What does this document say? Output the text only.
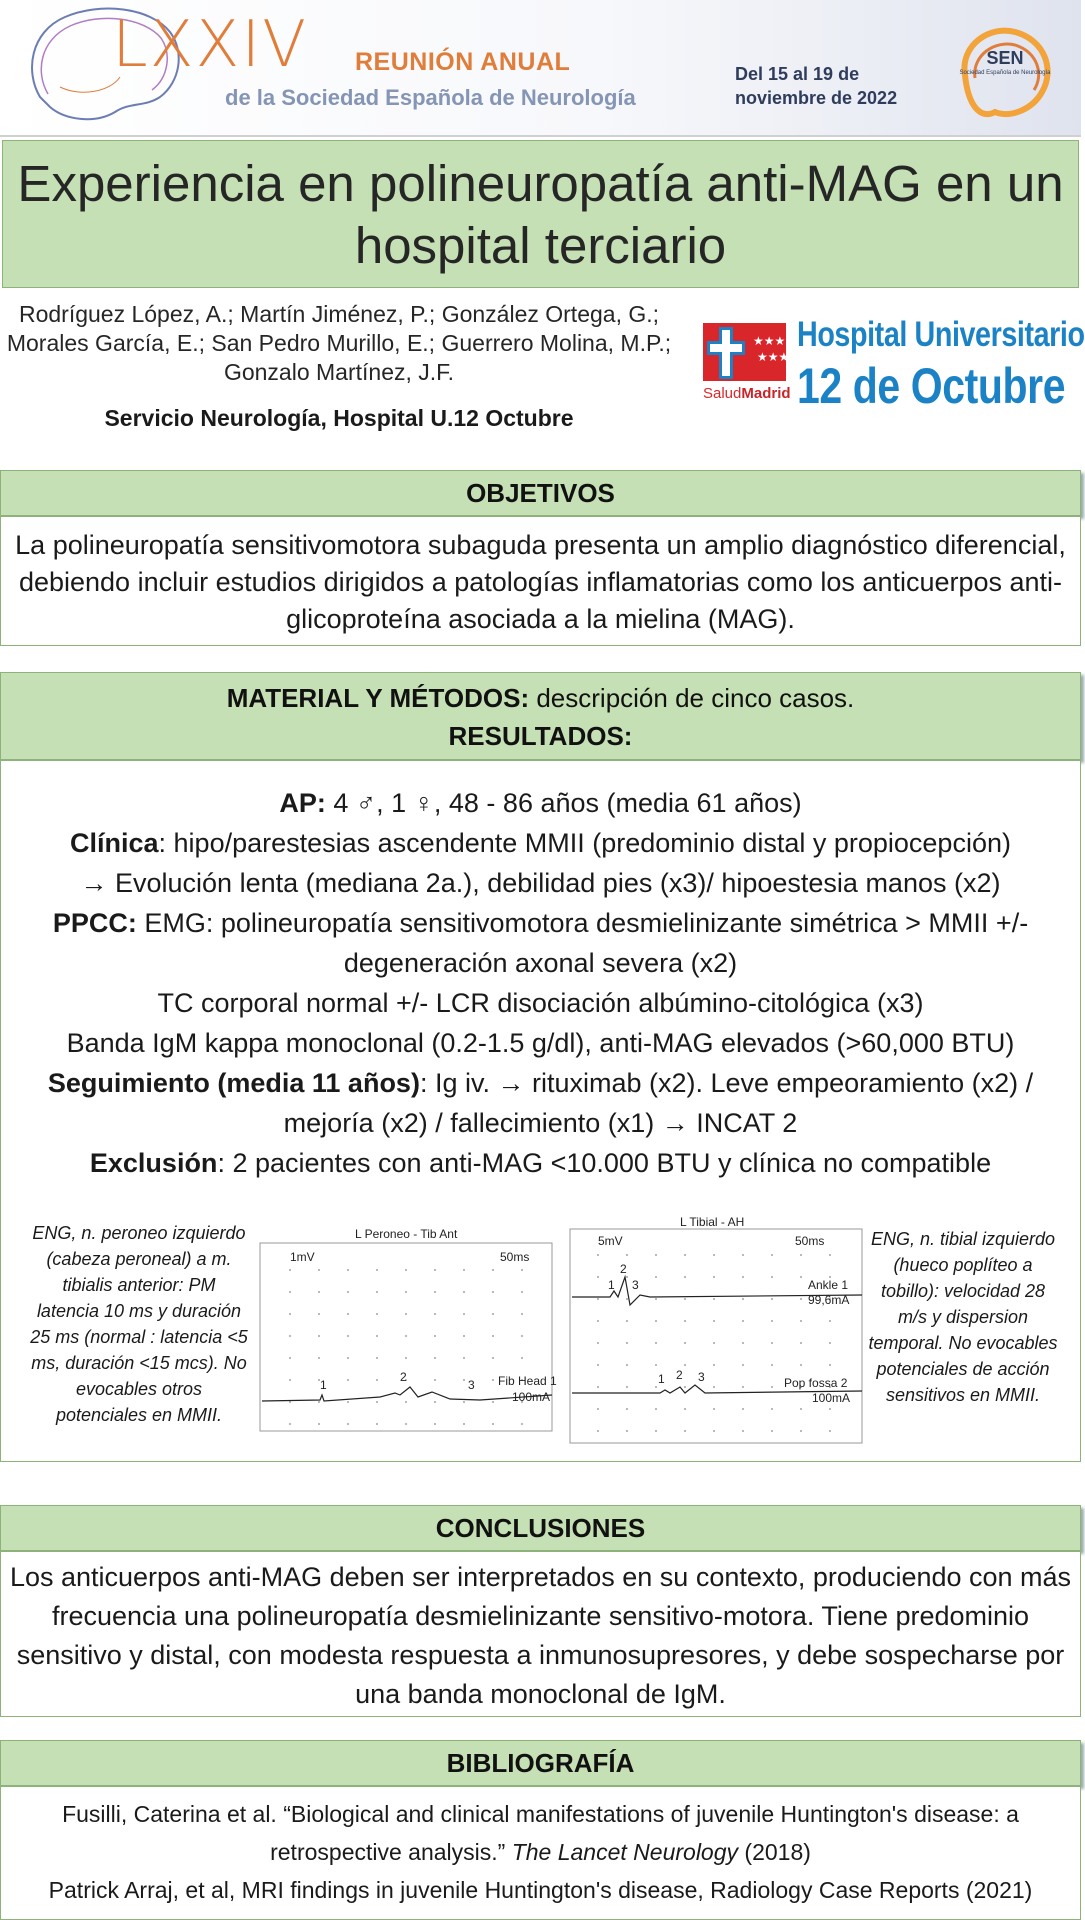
LXXIV REUNIÓN ANUAL
de la Sociedad Española de Neurología
Del 15 al 19 de
noviembre de 2022
SEN
Sociedad Española de Neurología
Experiencia en polineuropatía anti-MAG en un hospital terciario
Rodríguez López, A.; Martín Jiménez, P.; González Ortega, G.; Morales García, E.; San Pedro Murillo, E.; Guerrero Molina, M.P.; Gonzalo Martínez, J.F.
Servicio Neurología, Hospital U.12 Octubre
★★★★
★★★
SaludMadrid
Hospital Universitario
12 de Octubre
OBJETIVOS
La polineuropatía sensitivomotora subaguda presenta un amplio diagnóstico diferencial, debiendo incluir estudios dirigidos a patologías inflamatorias como los anticuerpos anti-glicoproteína asociada a la mielina (MAG).
MATERIAL Y MÉTODOS: descripción de cinco casos.
RESULTADOS:
AP: 4 ♂, 1 ♀, 48 - 86 años (media 61 años)
Clínica: hipo/parestesias ascendente MMII (predominio distal y propiocepción)
→ Evolución lenta (mediana 2a.), debilidad pies (x3)/ hipoestesia manos (x2)
PPCC: EMG: polineuropatía sensitivomotora desmielinizante simétrica > MMII +/- degeneración axonal severa (x2)
TC corporal normal +/- LCR disociación albúmino-citológica (x3)
Banda IgM kappa monoclonal (0.2-1.5 g/dl), anti-MAG elevados (>60,000 BTU)
Seguimiento (media 11 años): Ig iv. → rituximab (x2). Leve empeoramiento (x2) / mejoría (x2) / fallecimiento (x1) → INCAT 2
Exclusión: 2 pacientes con anti-MAG <10.000 BTU y clínica no compatible
ENG, n. peroneo izquierdo (cabeza peroneal) a m. tibialis anterior: PM latencia 10 ms y duración 25 ms (normal : latencia <5 ms, duración <15 mcs). No evocables otros potenciales en MMII.
ENG, n. tibial izquierdo (hueco poplíteo a tobillo): velocidad 28 m/s y dispersion temporal. No evocables potenciales de acción sensitivos en MMII.
L Peroneo - Tib Ant
1mV	50ms
1
2
3 Fib Head 1
100mA
L Tibial - AH
5mV	50ms
1
2
3	Ankle 1
99,6mA
1 2 3	Pop fossa 2
100mA
CONCLUSIONES
Los anticuerpos anti-MAG deben ser interpretados en su contexto, produciendo con más frecuencia una polineuropatía desmielinizante sensitivo-motora. Tiene predominio sensitivo y distal, con modesta respuesta a inmunosupresores, y debe sospecharse por una banda monoclonal de IgM.
BIBLIOGRAFÍA
Fusilli, Caterina et al. “Biological and clinical manifestations of juvenile Huntington's disease: a retrospective analysis.” The Lancet Neurology (2018)
Patrick Arraj, et al, MRI findings in juvenile Huntington's disease, Radiology Case Reports (2021)
